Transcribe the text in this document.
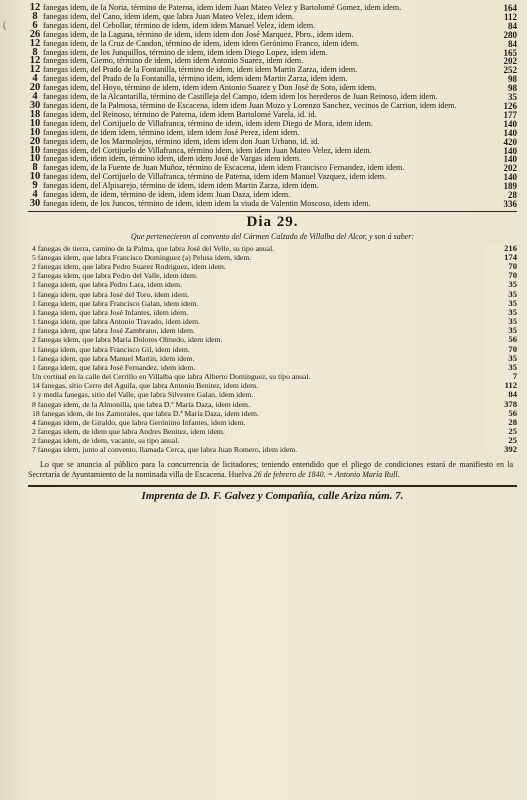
(
12 fanegas idem, de la Noria, término de Paterna, idem idem Juan Mateo Velez y Bartolomé Gomez, idem idem.	164
8 fanegas idem, del Cano, idem idem, que labra Juan Mateo Velez, idem idem.	112
6 fanegas idem, del Cebollar, término de idem, idem idem Manuel Velez, idem idem.	84
26 fanegas idem, de la Laguna, término de idem, idem idem don José Marquez, Pbro., idem idem.	280
12 fanegas idem, de la Cruz de Candon, término de idem, idem idem Gerónimo Franco, idem idem.	84
8 fanegas idem, de los Junquillos, término de idem, idem idem Diego Lopez, idem idem.	165
12 fanegas idem, Giemo, término de idem, idem idem Antonio Suarez, idem idem.	202
12 fanegas idem, del Prado de la Fontanilla, término de idem, idem idem Martin Zarza, idem idem.	252
4 fanegas idem, del Prado de la Fontanilla, término idem, idem idem Martin Zarza, idem idem.	98
20 fanegas idem, del Hoyo, término de idem, idem idem Antonio Suarez y Don José de Soto, idem idem.	98
4 fanegas idem, de la Alcantarilla, término de Castilleja del Campo, idem idem los herederos de Juan Reinoso, idem idem.	35
30 fanegas idem, de la Palmosa, término de Escacena, idem idem Juan Mozo y Lorenzo Sanchez, vecinos de Carrion, idem idem.	126
18 fanegas idem, del Reinoso, término de Paterna, idem idem Bartolomé Varela, id. id.	177
10 fanegas idem, del Cortijuelo de Villafranca, término de idem, idem idem Diego de Mora, idem idem.	140
10 fanegas idem, de idem idem, término idem, idem idem José Perez, idem idem.	140
20 fanegas idem, de los Marmolejos, término idem, idem idem don Juan Urbano, id. id.	420
10 fanegas idem, del Cortijuelo de Villafranca, término idem, idem idem Juan Mateo Velez, idem idem.	140
10 fanegas idem, idem idem, término idem, idem idem José de Vargas idem idem.	140
8 fanegas idem, de la Fuente de Juan Muñoz, término de Escacena, idem idem Francisco Fernandez, idem idem.	202
10 fanegas idem, del Cortijuelo de Villafranca, término de Paterna, idem idem Manuel Vazquez, idem idem.	140
9 fanegas idem, del Alpisarejo, término de idem, idem idem Martin Zarza, idem idem.	189
4 fanegas idem, de idem, término de idem, idem idem Juan Daza, idem idem.	28
30 fanegas idem, de los Juncos, término de idem, idem idem la viuda de Valentin Moscoso, idem idem.	336
Dia 29.
Que pertenecieron al convento del Cármen Calzado de Villalba del Alcor, y son á saber:
4 fanegas de tierra, camino de la Palma, que labra José del Velle, su tipo anual.	216
5 fanegas idem, que labra Francisco Dominguez (a) Pelusa idem, idem.	174
2 fanegas idem, que labra Pedro Suarez Rodriguez, idem idem.	70
2 fanegas idem, que labra Pedro del Valle, idem idem.	70
1 fanega idem, que labra Pedro Lara, idem idem.	35
1 fanega idem, que labra José del Toro, idem idem.	35
1 fanega idem, que labra Francisco Galan, idem idem.	35
1 fanega idem, que labra José Infantes, idem idem.	35
1 fanega idem, que labra Antonio Travado, idem idem.	35
1 fanega idem, que labra José Zambrano, idem idem.	35
2 fanegas idem, que labra María Dolores Olmedo, idem idem.	56
1 fanega idem, que labra Francisco Gil, idem idem.	70
1 fanega idem, que labra Manuel Martin, idem idem.	35
1 fanega idem, que labra José Fernandez, idem idem.	35
Un cortinal en la calle del Cerrillo en Villalba que labra Alberto Dominguez, su tipo anual.	7
14 fanegas, sitio Cerro del Aguila, que labra Antonio Benitez, idem idem.	112
1 y media fanegas, sitio del Valle, que labra Silvestre Galan, idem idem.	84
8 fanegas idem, de la Almonilla, que labra D.ª María Daza, idem idem.	378
18 fanegas idem, de los Zamorales, que labra D.ª María Daza, idem idem.	56
4 fanegas idem, de Giraldo, que labra Gerónimo Infantes, idem idem.	28
2 fanegas idem, de idem que labra Andres Benitez, idem idem.	25
2 fanegas idem, de idem, vacante, su tipo anual.	25
7 fanegas idem, junto al convento, llamada Cerca, que labra Juan Romero, idem idem.	392
Lo que se anuncia al público para la concurrencia de licitadores; teniendo entendido que el pliego de condiciones estará de manifiesto en la Secretaría de Ayuntamiento de la nominada villa de Escacena. Huelva 26 de febrero de 1840. = Antonio María Rull.
Imprenta de D. F. Galvez y Compañía, calle Ariza núm. 7.
